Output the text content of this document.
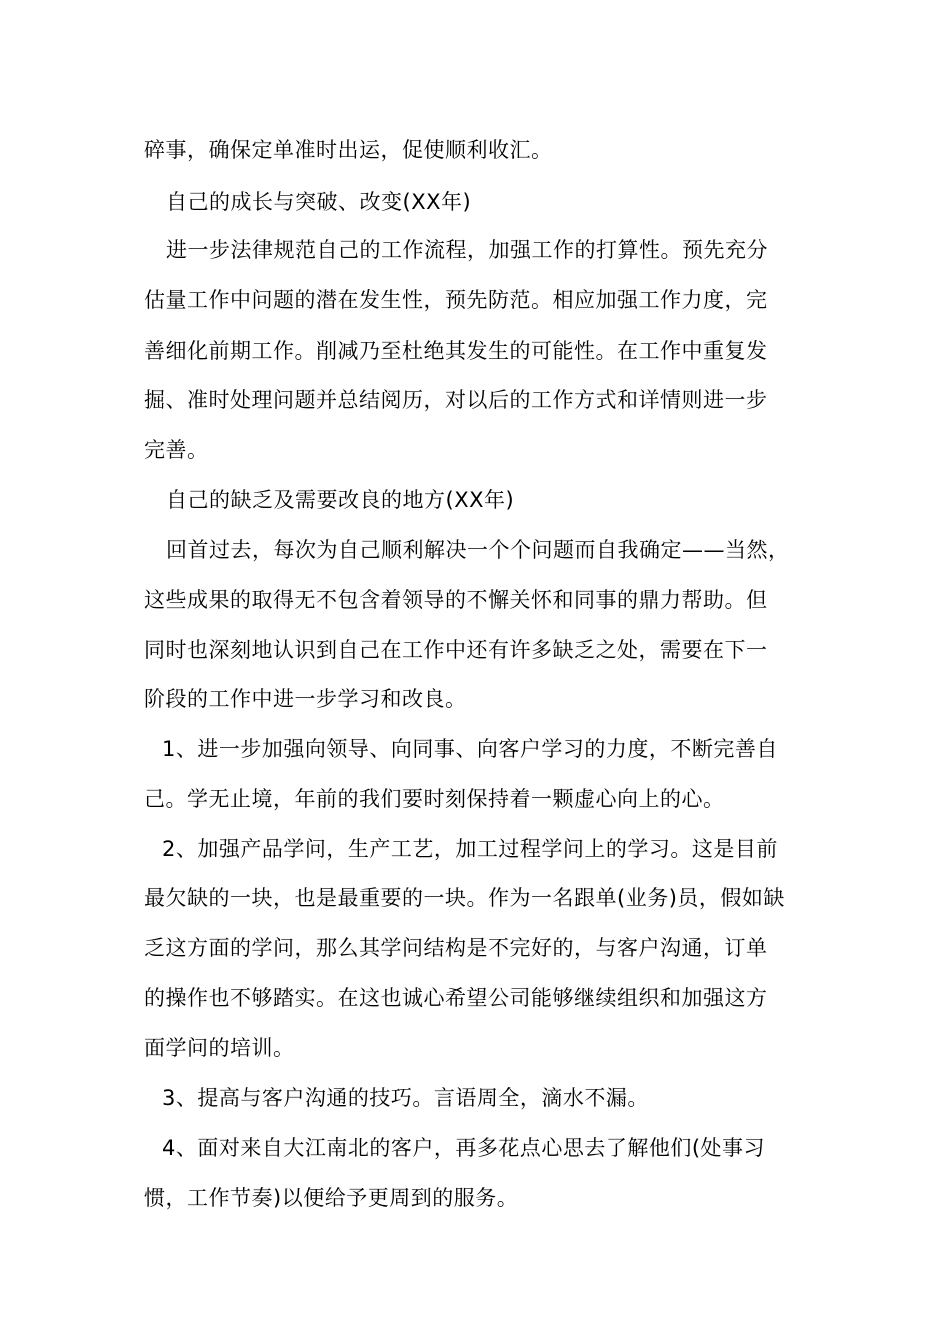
碎事，确保定单准时出运，促使顺利收汇。
自己的成长与突破、改变(XX年)
进一步法律规范自己的工作流程，加强工作的打算性。预先充分
估量工作中问题的潜在发生性，预先防范。相应加强工作力度，完
善细化前期工作。削减乃至杜绝其发生的可能性。在工作中重复发
掘、准时处理问题并总结阅历，对以后的工作方式和详情则进一步
完善。
自己的缺乏及需要改良的地方(XX年)
回首过去，每次为自己顺利解决一个个问题而自我确定——当然，
这些成果的取得无不包含着领导的不懈关怀和同事的鼎力帮助。但
同时也深刻地认识到自己在工作中还有许多缺乏之处，需要在下一
阶段的工作中进一步学习和改良。
1、进一步加强向领导、向同事、向客户学习的力度，不断完善自
己。学无止境，年前的我们要时刻保持着一颗虚心向上的心。
2、加强产品学问，生产工艺，加工过程学问上的学习。这是目前
最欠缺的一块，也是最重要的一块。作为一名跟单(业务)员，假如缺
乏这方面的学问，那么其学问结构是不完好的，与客户沟通，订单
的操作也不够踏实。在这也诚心希望公司能够继续组织和加强这方
面学问的培训。
3、提高与客户沟通的技巧。言语周全，滴水不漏。
4、面对来自大江南北的客户，再多花点心思去了解他们(处事习
惯，工作节奏)以便给予更周到的服务。
